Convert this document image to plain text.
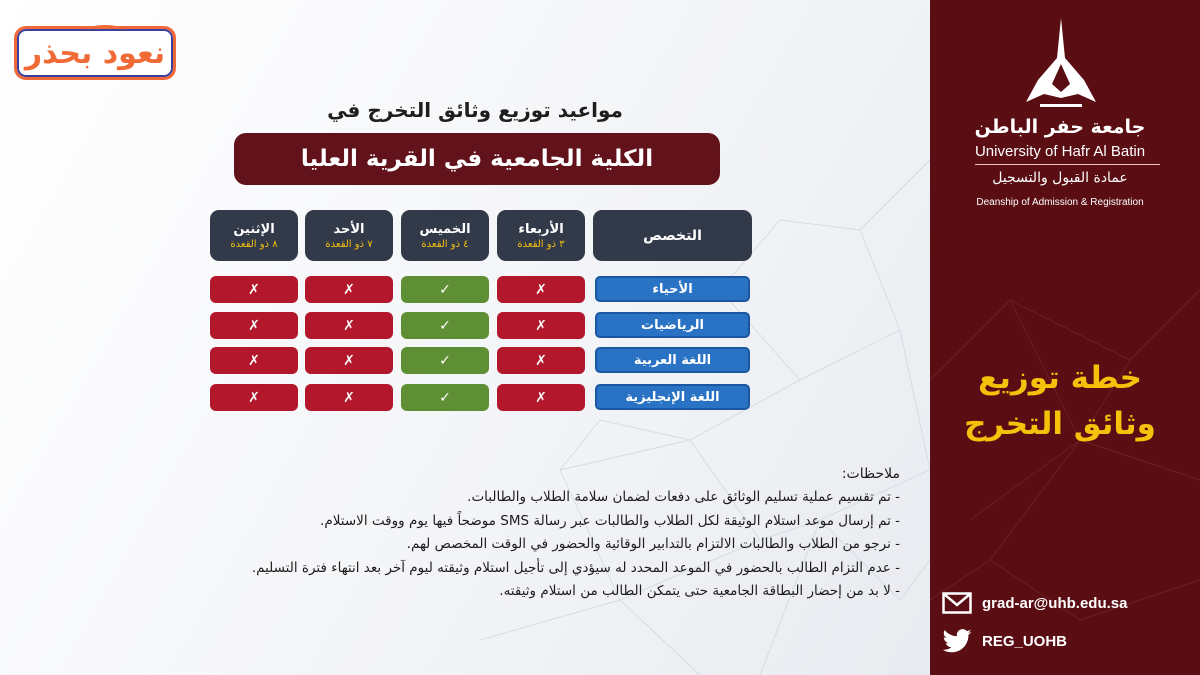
نعود بحذر
مواعيد توزيع وثائق التخرج في
الكلية الجامعية في القرية العليا
التخصص
الأربعاء
٣ ذو القعدة
الخميس
٤ ذو القعدة
الأحد
٧ ذو القعدة
الإثنين
٨ ذو القعدة
الأحياء
✗
✓
✗
✗
الرياضيات
✗
✓
✗
✗
اللغة العربية
✗
✓
✗
✗
اللغة الإنجليزية
✗
✓
✗
✗
ملاحظات:

- تم تقسيم عملية تسليم الوثائق على دفعات لضمان سلامة الطلاب والطالبات.

- تم إرسال موعد استلام الوثيقة لكل الطلاب والطالبات عبر رسالة SMS موضحاً فيها يوم ووقت الاستلام.

- نرجو من الطلاب والطالبات الالتزام بالتدابير الوقائية والحضور في الوقت المخصص لهم.

- عدم التزام الطالب بالحضور في الموعد المحدد له سيؤدي إلى تأجيل استلام وثيقته ليوم آخر بعد انتهاء فترة التسليم.

- لا بد من إحضار البطاقة الجامعية حتى يتمكن الطالب من استلام وثيقته.

جامعة حفر الباطن
University of Hafr Al Batin
عمادة القبول والتسجيل
Deanship of Admission & Registration
خطة توزيع
وثائق التخرج
grad-ar@uhb.edu.sa
REG_UOHB
